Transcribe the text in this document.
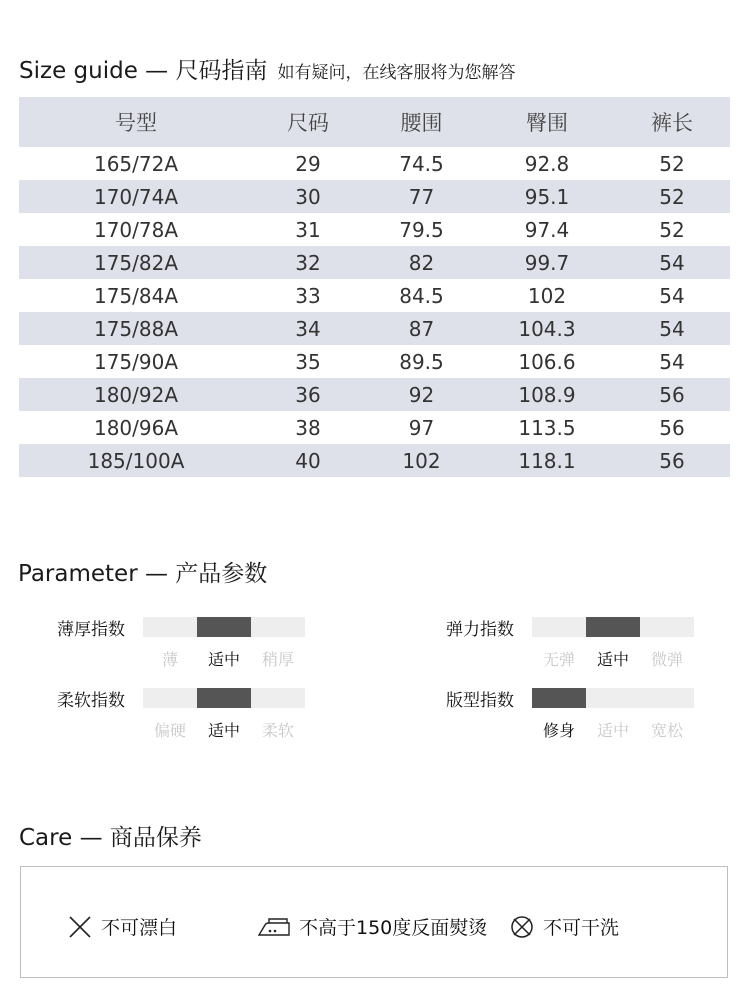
Size guide — 尺码指南 如有疑问，在线客服将为您解答
号型	尺码	腰围	臀围	裤长
165/72A	29	74.5	92.8	52
170/74A	30	77	95.1	52
170/78A	31	79.5	97.4	52
175/82A	32	82	99.7	54
175/84A	33	84.5	102	54
175/88A	34	87	104.3	54
175/90A	35	89.5	106.6	54
180/92A	36	92	108.9	56
180/96A	38	97	113.5	56
185/100A	40	102	118.1	56
Parameter — 产品参数
薄厚指数
薄	适中	稍厚
弹力指数
无弹	适中	微弹
柔软指数
偏硬	适中	柔软
版型指数
修身	适中	宽松
Care — 商品保养
不可漂白	不高于150度反面熨烫	不可干洗
